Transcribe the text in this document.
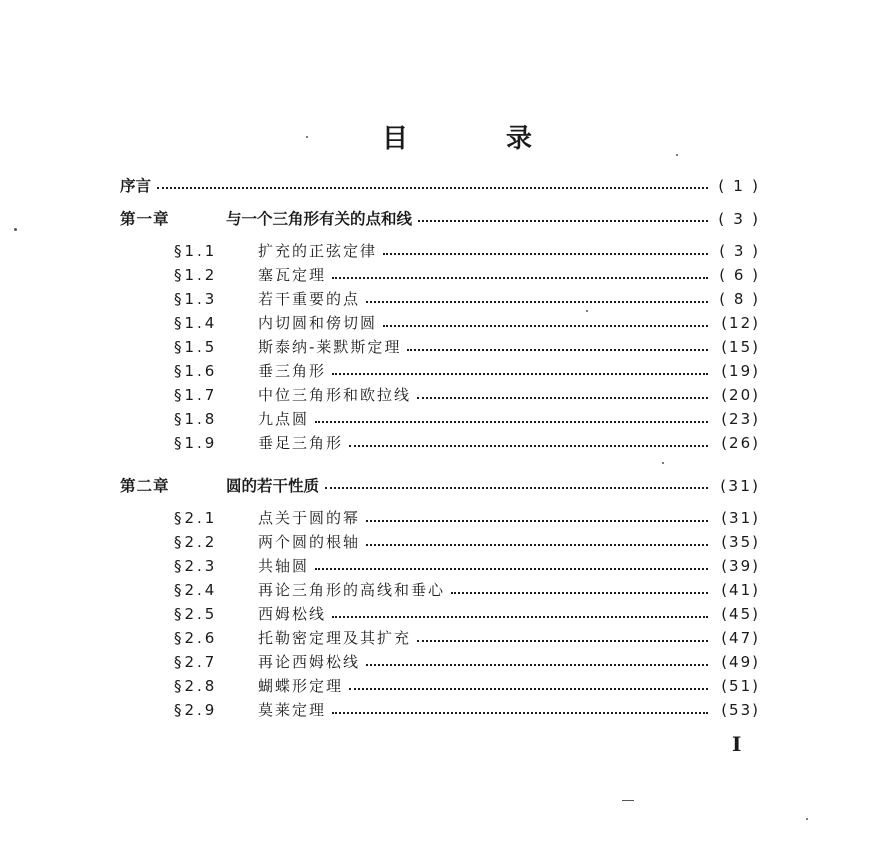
目	录
序言	( 1 )
第一章	与一个三角形有关的点和线	( 3 )
§1.1	扩充的正弦定律	( 3 )
§1.2	塞瓦定理	( 6 )
§1.3	若干重要的点	( 8 )
§1.4	内切圆和傍切圆	(12)
§1.5	斯泰纳-莱默斯定理	(15)
§1.6	垂三角形	(19)
§1.7	中位三角形和欧拉线	(20)
§1.8	九点圆	(23)
§1.9	垂足三角形	(26)
第二章	圆的若干性质	(31)
§2.1	点关于圆的幂	(31)
§2.2	两个圆的根轴	(35)
§2.3	共轴圆	(39)
§2.4	再论三角形的高线和垂心	(41)
§2.5	西姆松线	(45)
§2.6	托勒密定理及其扩充	(47)
§2.7	再论西姆松线	(49)
§2.8	蝴蝶形定理	(51)
§2.9	莫莱定理	(53)
I
